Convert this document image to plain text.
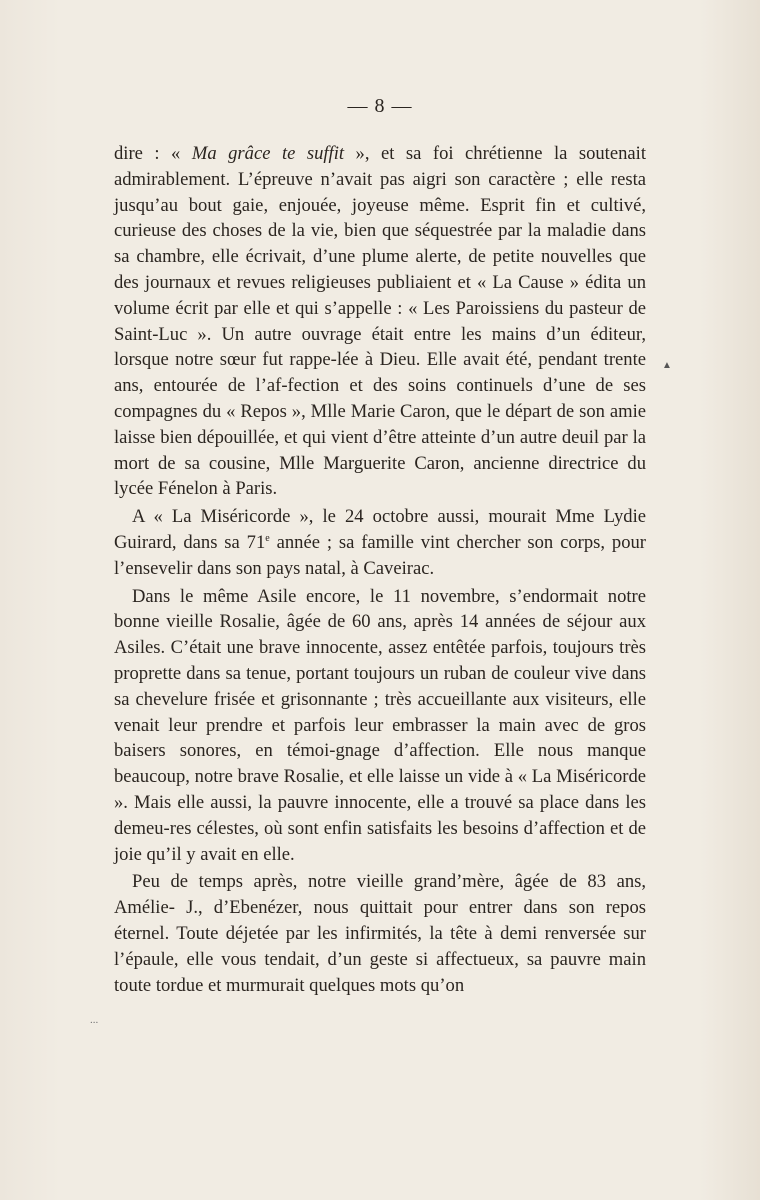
— 8 —

dire : « Ma grâce te suffit », et sa foi chrétienne la soutenait admirablement. L’épreuve n’avait pas aigri son caractère ; elle resta jusqu’au bout gaie, enjouée, joyeuse même. Esprit fin et cultivé, curieuse des choses de la vie, bien que séquestrée par la maladie dans sa chambre, elle écrivait, d’une plume alerte, de petite nouvelles que des journaux et revues religieuses publiaient et « La Cause » édita un volume écrit par elle et qui s’appelle : « Les Paroissiens du pasteur de Saint-Luc ». Un autre ouvrage était entre les mains d’un éditeur, lorsque notre sœur fut rappe-lée à Dieu. Elle avait été, pendant trente ans, entourée de l’af-fection et des soins continuels d’une de ses compagnes du « Repos », Mlle Marie Caron, que le départ de son amie laisse bien dépouillée, et qui vient d’être atteinte d’un autre deuil par la mort de sa cousine, Mlle Marguerite Caron, ancienne directrice du lycée Fénelon à Paris.

A « La Miséricorde », le 24 octobre aussi, mourait Mme Lydie Guirard, dans sa 71e année ; sa famille vint chercher son corps, pour l’ensevelir dans son pays natal, à Caveirac.

Dans le même Asile encore, le 11 novembre, s’endormait notre bonne vieille Rosalie, âgée de 60 ans, après 14 années de séjour aux Asiles. C’était une brave innocente, assez entêtée parfois, toujours très proprette dans sa tenue, portant toujours un ruban de couleur vive dans sa chevelure frisée et grisonnante ; très accueillante aux visiteurs, elle venait leur prendre et parfois leur embrasser la main avec de gros baisers sonores, en témoi-gnage d’affection. Elle nous manque beaucoup, notre brave Rosalie, et elle laisse un vide à « La Miséricorde ». Mais elle aussi, la pauvre innocente, elle a trouvé sa place dans les demeu-res célestes, où sont enfin satisfaits les besoins d’affection et de joie qu’il y avait en elle.

Peu de temps après, notre vieille grand’mère, âgée de 83 ans, Amélie- J., d’Ebenézer, nous quittait pour entrer dans son repos éternel. Toute déjetée par les infirmités, la tête à demi renversée sur l’épaule, elle vous tendait, d’un geste si affectueux, sa pauvre main toute tordue et murmurait quelques mots qu’on

▲
...
